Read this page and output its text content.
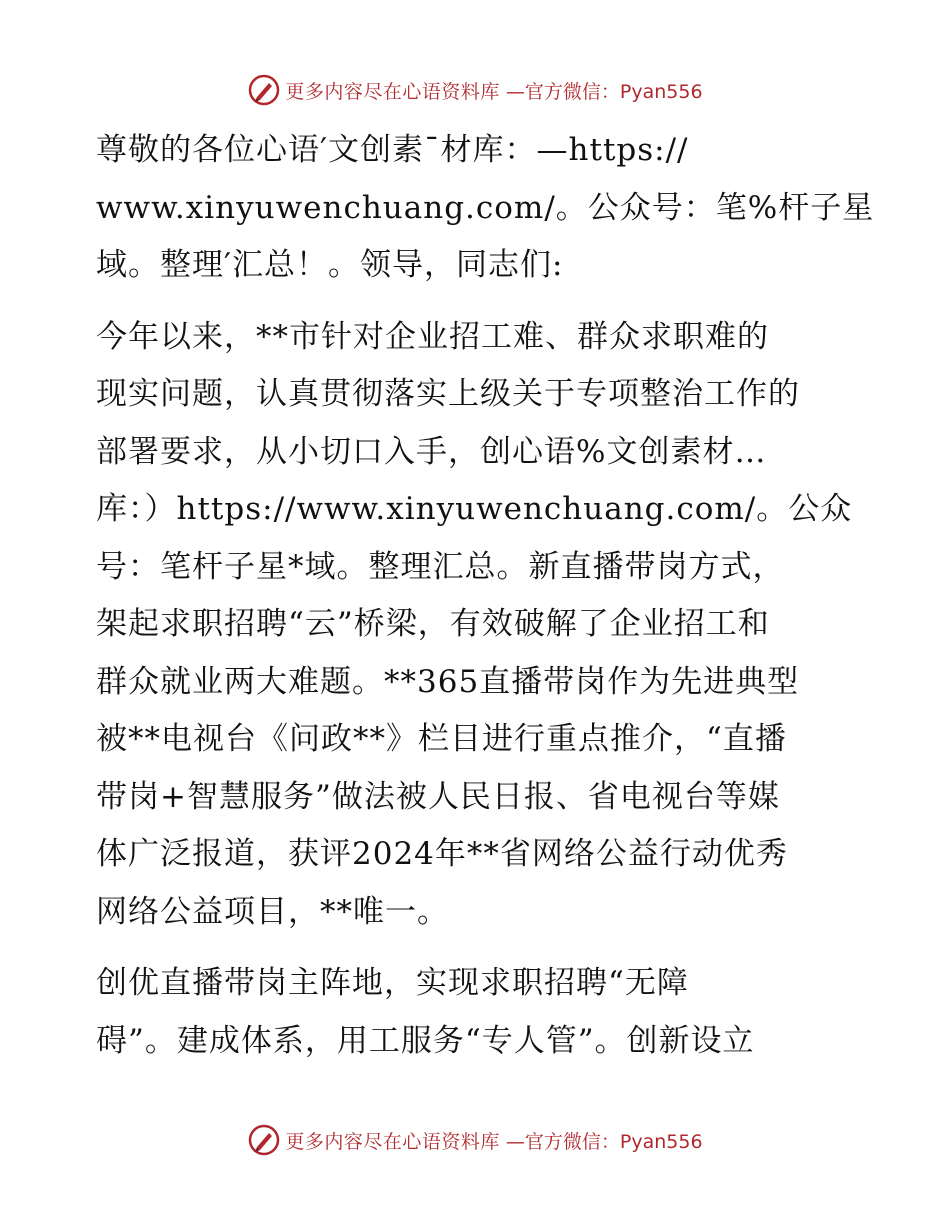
更多内容尽在心语资料库 —官方微信：Pyan556
尊敬的各位心语′文创素¯材库：—https://
www.xinyuwenchuang.com/。公众号：笔%杆子星
域。整理′汇总！。领导，同志们:
今年以来，**市针对企业招工难、群众求职难的
现实问题，认真贯彻落实上级关于专项整治工作的
部署要求，从小切口入手，创心语%文创素材…
库：）https://www.xinyuwenchuang.com/。公众
号：笔杆子星*域。整理汇总。新直播带岗方式，
架起求职招聘“云”桥梁，有效破解了企业招工和
群众就业两大难题。**365直播带岗作为先进典型
被**电视台《问政**》栏目进行重点推介，“直播
带岗+智慧服务”做法被人民日报、省电视台等媒
体广泛报道，获评2024年**省网络公益行动优秀
网络公益项目，**唯一。
创优直播带岗主阵地，实现求职招聘“无障
碍”。建成体系，用工服务“专人管”。创新设立
更多内容尽在心语资料库 —官方微信：Pyan556
